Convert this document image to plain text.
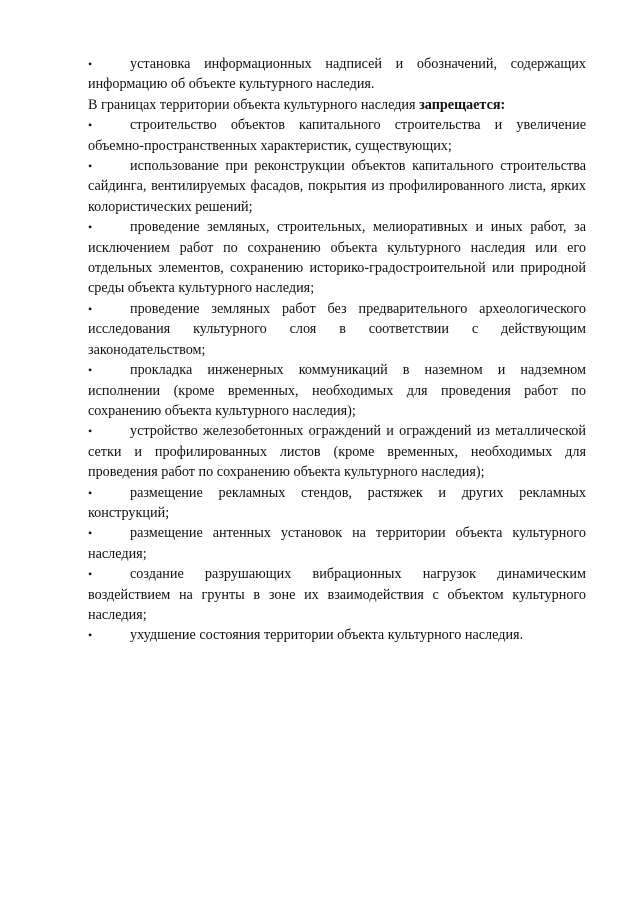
•	установка информационных надписей и обозначений, содержащих информацию об объекте культурного наследия.

В границах территории объекта культурного наследия запрещается:

•	строительство объектов капитального строительства и увеличение объемно-пространственных характеристик, существующих;
•	использование при реконструкции объектов капитального строительства сайдинга, вентилируемых фасадов, покрытия из профилированного листа, ярких колористических решений;
•	проведение земляных, строительных, мелиоративных и иных работ, за исключением работ по сохранению объекта культурного наследия или его отдельных элементов, сохранению историко-градостроительной или природной среды объекта культурного наследия;
•	проведение земляных работ без предварительного археологического исследования культурного слоя в соответствии с действующим законодательством;
•	прокладка инженерных коммуникаций в наземном и надземном исполнении (кроме временных, необходимых для проведения работ по сохранению объекта культурного наследия);
•	устройство железобетонных ограждений и ограждений из металлической сетки и профилированных листов (кроме временных, необходимых для проведения работ по сохранению объекта культурного наследия);
•	размещение рекламных стендов, растяжек и других рекламных конструкций;
•	размещение антенных установок на территории объекта культурного наследия;
•	создание разрушающих вибрационных нагрузок динамическим воздействием на грунты в зоне их взаимодействия с объектом культурного наследия;
•	ухудшение состояния территории объекта культурного наследия.
